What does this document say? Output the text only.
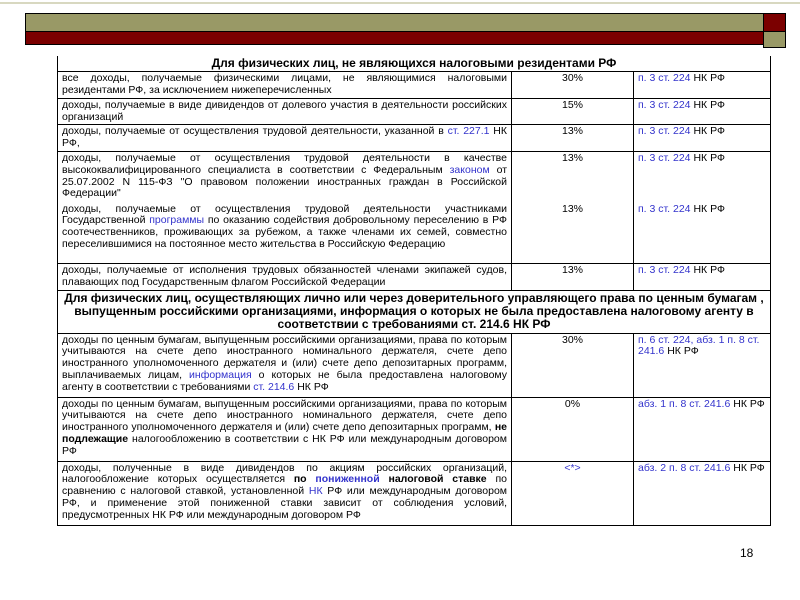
Для физических лиц, не являющихся налоговыми резидентами РФ		
все доходы, получаемые физическими лицами, не являющимися налоговыми резидентами РФ, за исключением нижеперечисленных	30%	п. 3 ст. 224 НК РФ
доходы, получаемые в виде дивидендов от долевого участия в деятельности российских организаций	15%	п. 3 ст. 224 НК РФ
доходы, получаемые от осуществления трудовой деятельности, указанной в ст. 227.1 НК РФ,	13%	п. 3 ст. 224 НК РФ
доходы, получаемые от осуществления трудовой деятельности в качестве высококвалифицированного специалиста в соответствии с Федеральным законом от 25.07.2002 N 115-ФЗ "О правовом положении иностранных граждан в Российской Федерации"	13%	п. 3 ст. 224 НК РФ
доходы, получаемые от осуществления трудовой деятельности участниками Государственной программы по оказанию содействия добровольному переселению в РФ соотечественников, проживающих за рубежом, а также членами их семей, совместно переселившимися на постоянное место жительства в Российскую Федерацию	13%	п. 3 ст. 224 НК РФ
доходы, получаемые от исполнения трудовых обязанностей членами экипажей судов, плавающих под Государственным флагом Российской Федерации	13%	п. 3 ст. 224 НК РФ
Для физических лиц, осуществляющих лично или через доверительного управляющего права по ценным бумагам , выпущенным российскими организациями, информация о которых не была предоставлена налоговому агенту в соответствии с требованиями ст. 214.6 НК РФ		
доходы по ценным бумагам, выпущенным российскими организациями, права по которым учитываются на счете депо иностранного номинального держателя, счете депо иностранного уполномоченного держателя и (или) счете депо депозитарных программ, выплачиваемых лицам, информация о которых не была предоставлена налоговому агенту в соответствии с требованиями ст. 214.6 НК РФ	30%	п. 6 ст. 224, абз. 1 п. 8 ст. 241.6 НК РФ
доходы по ценным бумагам, выпущенным российскими организациями, права по которым учитываются на счете депо иностранного номинального держателя, счете депо иностранного уполномоченного держателя и (или) счете депо депозитарных программ, не подлежащие налогообложению в соответствии с НК РФ или международным договором РФ	0%	абз. 1 п. 8 ст. 241.6 НК РФ
доходы, полученные в виде дивидендов по акциям российских организаций, налогообложение которых осуществляется по пониженной налоговой ставке по сравнению с налоговой ставкой, установленной НК РФ или международным договором РФ, и применение этой пониженной ставки зависит от соблюдения условий, предусмотренных НК РФ или международным договором РФ	<*>	абз. 2 п. 8 ст. 241.6 НК РФ
18
